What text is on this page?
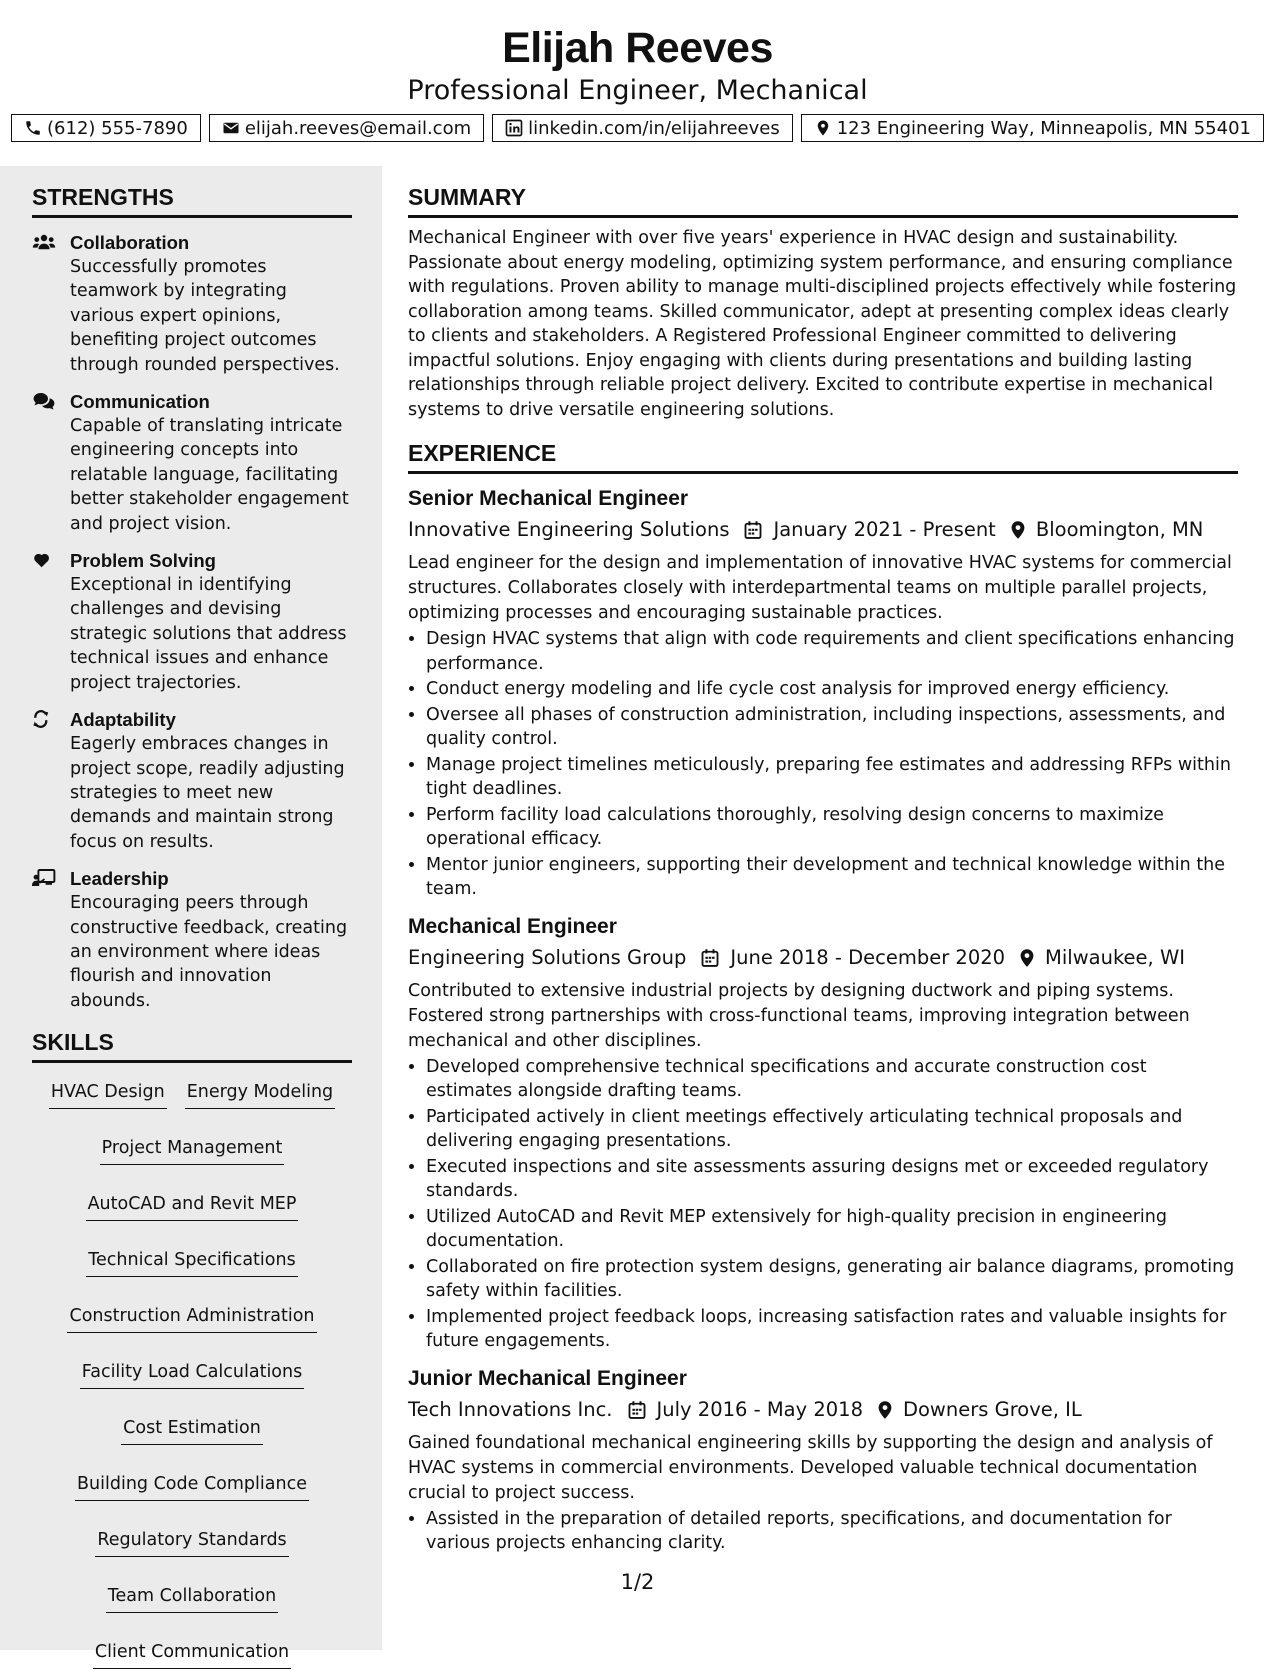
Elijah Reeves
Professional Engineer, Mechanical
(612) 555-7890	elijah.reeves@email.com	linkedin.com/in/elijahreeves	123 Engineering Way, Minneapolis, MN 55401
STRENGTHS
Collaboration
Successfully promotes teamwork by integrating various expert opinions, benefiting project outcomes through rounded perspectives.
Communication
Capable of translating intricate engineering concepts into relatable language, facilitating better stakeholder engagement and project vision.
Problem Solving
Exceptional in identifying challenges and devising strategic solutions that address technical issues and enhance project trajectories.
Adaptability
Eagerly embraces changes in project scope, readily adjusting strategies to meet new demands and maintain strong focus on results.
Leadership
Encouraging peers through constructive feedback, creating an environment where ideas flourish and innovation abounds.
SKILLS
HVAC Design Energy Modeling
Project Management
AutoCAD and Revit MEP
Technical Specifications
Construction Administration
Facility Load Calculations
Cost Estimation
Building Code Compliance
Regulatory Standards
Team Collaboration
Client Communication
SUMMARY

Mechanical Engineer with over five years' experience in HVAC design and sustainability. Passionate about energy modeling, optimizing system performance, and ensuring compliance with regulations. Proven ability to manage multi-disciplined projects effectively while fostering collaboration among teams. Skilled communicator, adept at presenting complex ideas clearly to clients and stakeholders. A Registered Professional Engineer committed to delivering impactful solutions. Enjoy engaging with clients during presentations and building lasting relationships through reliable project delivery. Excited to contribute expertise in mechanical systems to drive versatile engineering solutions.

EXPERIENCE
Senior Mechanical Engineer
Innovative Engineering Solutions January 2021 - Present Bloomington, MN
Lead engineer for the design and implementation of innovative HVAC systems for commercial structures. Collaborates closely with interdepartmental teams on multiple parallel projects, optimizing processes and encouraging sustainable practices.
• Design HVAC systems that align with code requirements and client specifications enhancing performance.
• Conduct energy modeling and life cycle cost analysis for improved energy efficiency.
• Oversee all phases of construction administration, including inspections, assessments, and quality control.
• Manage project timelines meticulously, preparing fee estimates and addressing RFPs within tight deadlines.
• Perform facility load calculations thoroughly, resolving design concerns to maximize operational efficacy.
• Mentor junior engineers, supporting their development and technical knowledge within the team.
Mechanical Engineer
Engineering Solutions Group June 2018 - December 2020 Milwaukee, WI
Contributed to extensive industrial projects by designing ductwork and piping systems. Fostered strong partnerships with cross-functional teams, improving integration between mechanical and other disciplines.
• Developed comprehensive technical specifications and accurate construction cost estimates alongside drafting teams.
• Participated actively in client meetings effectively articulating technical proposals and delivering engaging presentations.
• Executed inspections and site assessments assuring designs met or exceeded regulatory standards.
• Utilized AutoCAD and Revit MEP extensively for high-quality precision in engineering documentation.
• Collaborated on fire protection system designs, generating air balance diagrams, promoting safety within facilities.
• Implemented project feedback loops, increasing satisfaction rates and valuable insights for future engagements.
Junior Mechanical Engineer
Tech Innovations Inc. July 2016 - May 2018 Downers Grove, IL
Gained foundational mechanical engineering skills by supporting the design and analysis of HVAC systems in commercial environments. Developed valuable technical documentation crucial to project success.
• Assisted in the preparation of detailed reports, specifications, and documentation for various projects enhancing clarity.
1/2
